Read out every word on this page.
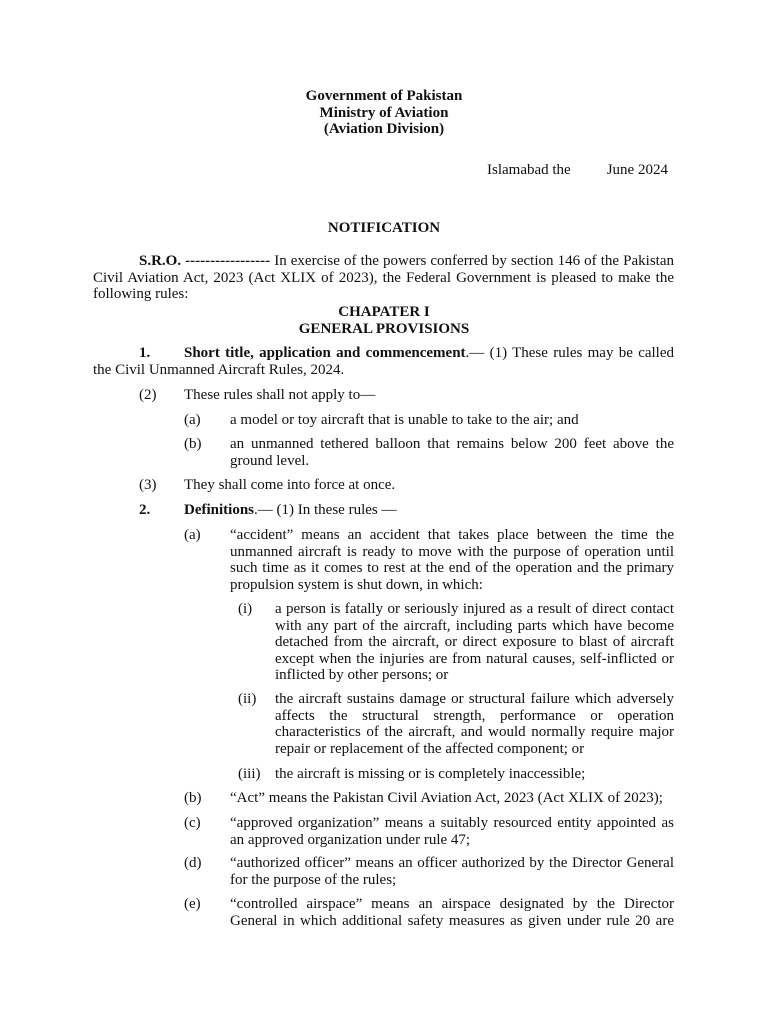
Government of Pakistan
Ministry of Aviation
(Aviation Division)
Islamabad the June 2024
NOTIFICATION
S.R.O. ----------------- In exercise of the powers conferred by section 146 of the Pakistan Civil Aviation Act, 2023 (Act XLIX of 2023), the Federal Government is pleased to make the following rules:
CHAPATER I
GENERAL PROVISIONS
1. Short title, application and commencement.— (1) These rules may be called the Civil Unmanned Aircraft Rules, 2024.
(2) These rules shall not apply to—
(a) a model or toy aircraft that is unable to take to the air; and
(b) an unmanned tethered balloon that remains below 200 feet above the ground level.
(3) They shall come into force at once.
2. Definitions.— (1) In these rules —
(a) “accident” means an accident that takes place between the time the unmanned aircraft is ready to move with the purpose of operation until such time as it comes to rest at the end of the operation and the primary propulsion system is shut down, in which:
(i) a person is fatally or seriously injured as a result of direct contact with any part of the aircraft, including parts which have become detached from the aircraft, or direct exposure to blast of aircraft except when the injuries are from natural causes, self-inflicted or inflicted by other persons; or
(ii) the aircraft sustains damage or structural failure which adversely affects the structural strength, performance or operation characteristics of the aircraft, and would normally require major repair or replacement of the affected component; or
(iii) the aircraft is missing or is completely inaccessible;
(b) “Act” means the Pakistan Civil Aviation Act, 2023 (Act XLIX of 2023);
(c) “approved organization” means a suitably resourced entity appointed as an approved organization under rule 47;
(d) “authorized officer” means an officer authorized by the Director General for the purpose of the rules;
(e) “controlled airspace” means an airspace designated by the Director General in which additional safety measures as given under rule 20 are
